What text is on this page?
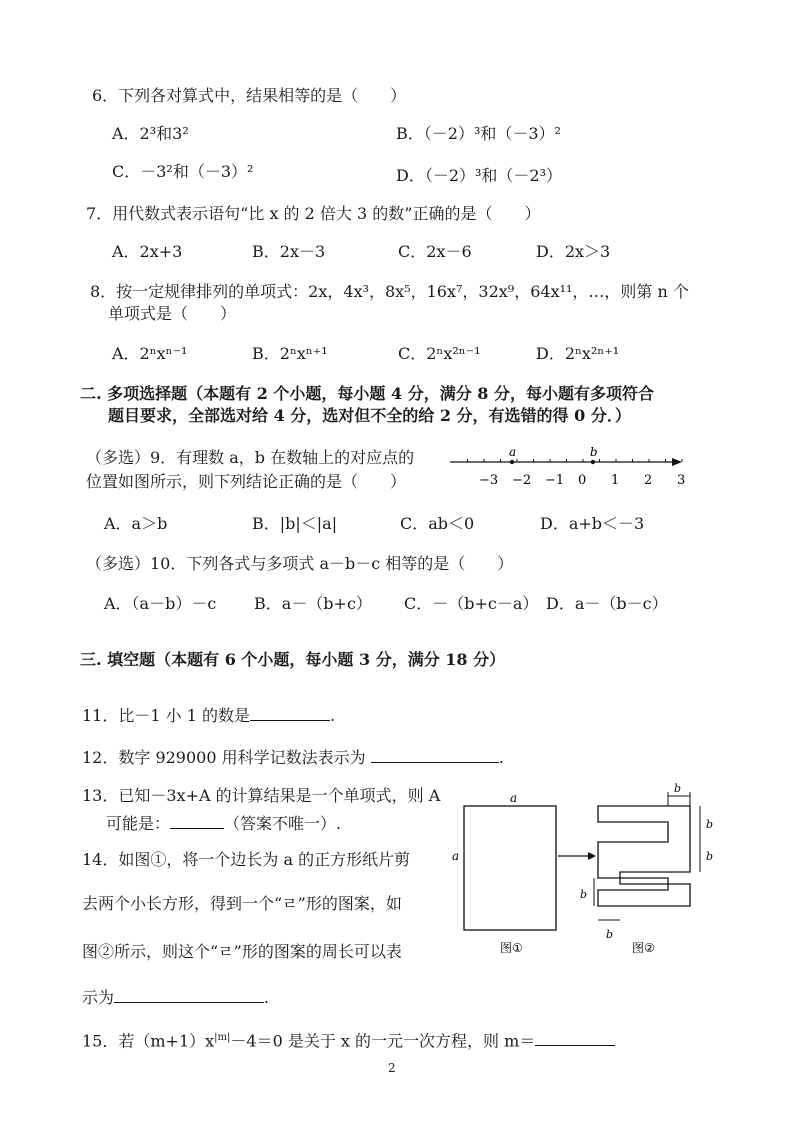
6．下列各对算式中，结果相等的是（　　）
A．2³和3²	B．（－2）³和（－3）²
C．－3²和（－3）²	D．（－2）³和（－2³）
7．用代数式表示语句“比 x 的 2 倍大 3 的数”正确的是（　　）
A．2x+3	B．2x－3	C．2x－6	D．2x＞3
8．按一定规律排列的单项式：2x，4x³，8x⁵，16x⁷，32x⁹，64x¹¹，…，则第 n 个
单项式是（　　）
A．2ⁿxⁿ⁻¹	B．2ⁿxⁿ⁺¹	C．2ⁿx²ⁿ⁻¹	D．2ⁿx²ⁿ⁺¹
二. 多项选择题（本题有 2 个小题，每小题 4 分，满分 8 分，每小题有多项符合
题目要求，全部选对给 4 分，选对但不全的给 2 分，有选错的得 0 分．）
（多选）9．有理数 a，b 在数轴上的对应点的
位置如图所示，则下列结论正确的是（　　）	−3 −2 −1 0 1 2 3
a	b
A．a＞b	B．|b|＜|a|	C．ab＜0	D．a+b＜－3
（多选）10．下列各式与多项式 a－b－c 相等的是（　　）
A．（a－b）－c B．a－（b+c） C．－（b+c－a） D．a－（b－c）
三. 填空题（本题有 6 个小题，每小题 3 分，满分 18 分）
11．比－1 小 1 的数是	.
12．数字 929000 用科学记数法表示为	.
13．已知－3x+A 的计算结果是一个单项式，则 A
可能是：	（答案不唯一）.
14．如图①，将一个边长为 a 的正方形纸片剪
去两个小长方形，得到一个“ㄹ”形的图案，如
图②所示，则这个“ㄹ”形的图案的周长可以表
示为	.
a
a
b
b
b
b
b
图①	图②
15．若$(m+1)x^{|m|}-4=0$ 是关于 x 的一元一次方程，则 m＝
2
